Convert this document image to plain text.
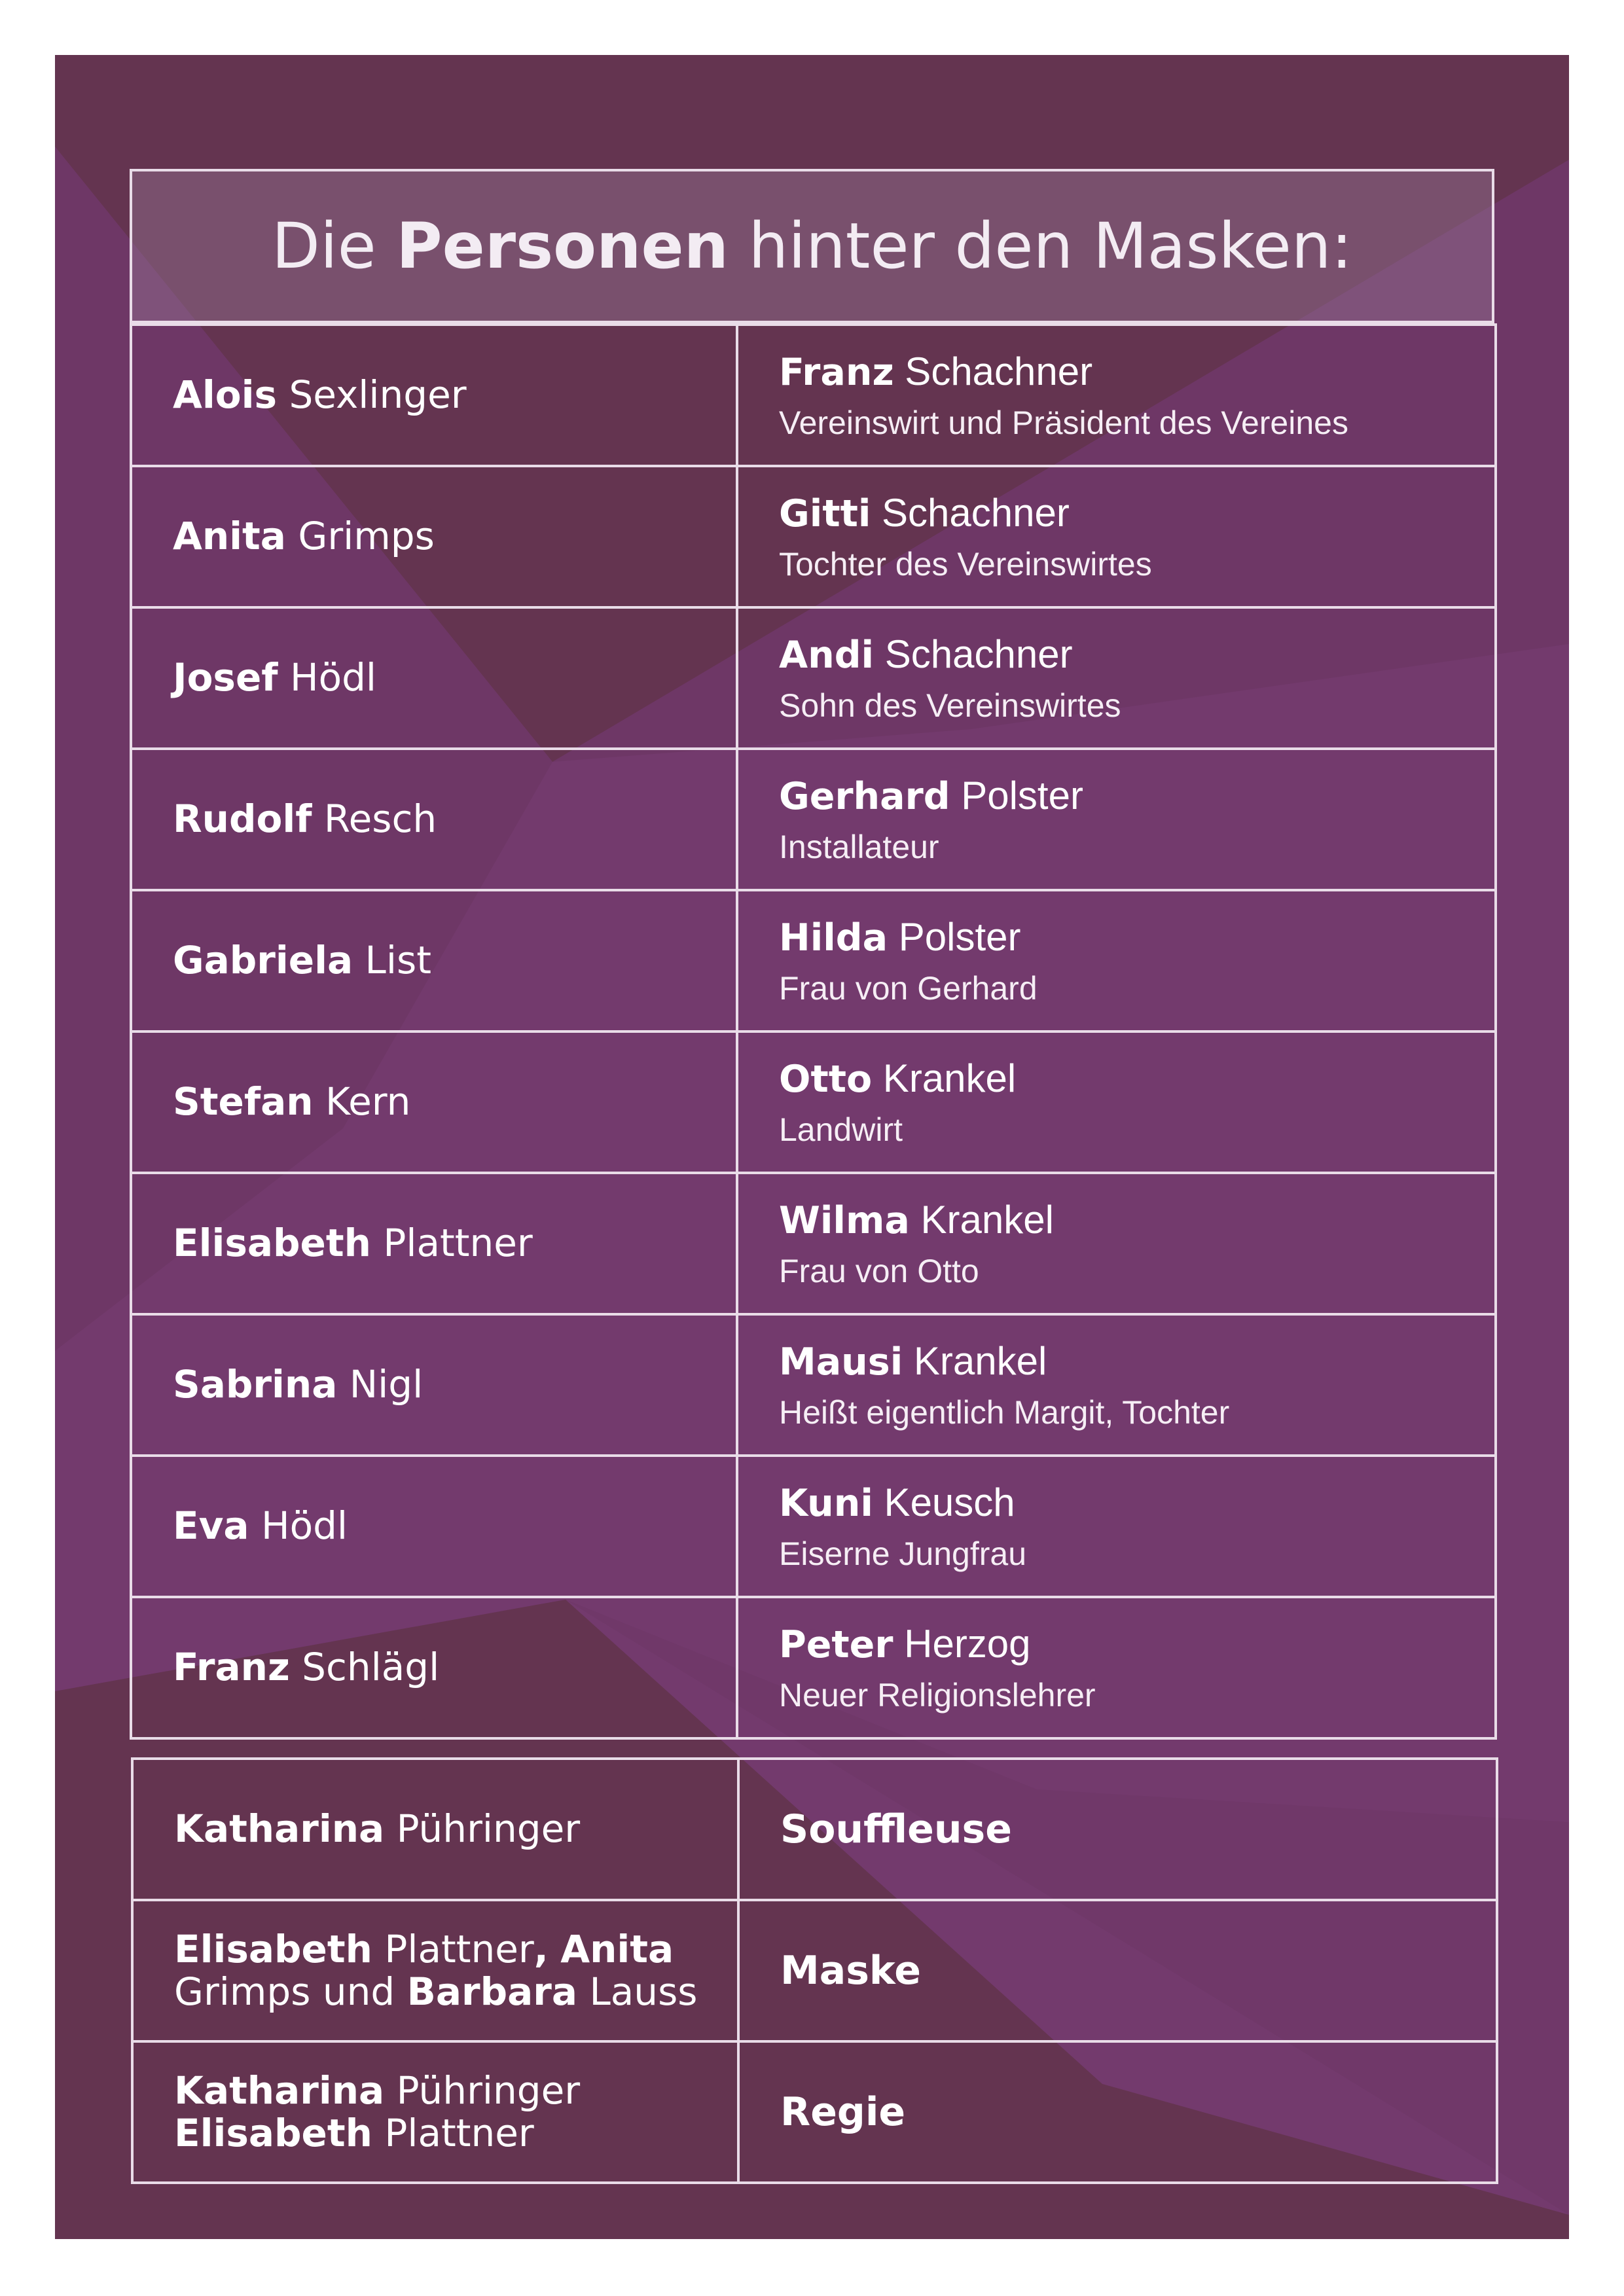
Die Personen hinter den Masken:
Alois Sexlinger	Franz Schachner
Vereinswirt und Präsident des Vereines

Anita Grimps	Gitti Schachner
Tochter des Vereinswirtes

Josef Hödl	Andi Schachner
Sohn des Vereinswirtes

Rudolf Resch	Gerhard Polster
Installateur

Gabriela List	Hilda Polster
Frau von Gerhard

Stefan Kern	Otto Krankel
Landwirt

Elisabeth Plattner	Wilma Krankel
Frau von Otto

Sabrina Nigl	Mausi Krankel
Heißt eigentlich Margit, Tochter

Eva Hödl	Kuni Keusch
Eiserne Jungfrau

Franz Schlägl	Peter Herzog
Neuer Religionslehrer
Katharina Pühringer	Souffleuse

Elisabeth Plattner, Anita
Grimps und Barbara Lauss	Maske

Katharina Pühringer
Elisabeth Plattner	Regie
